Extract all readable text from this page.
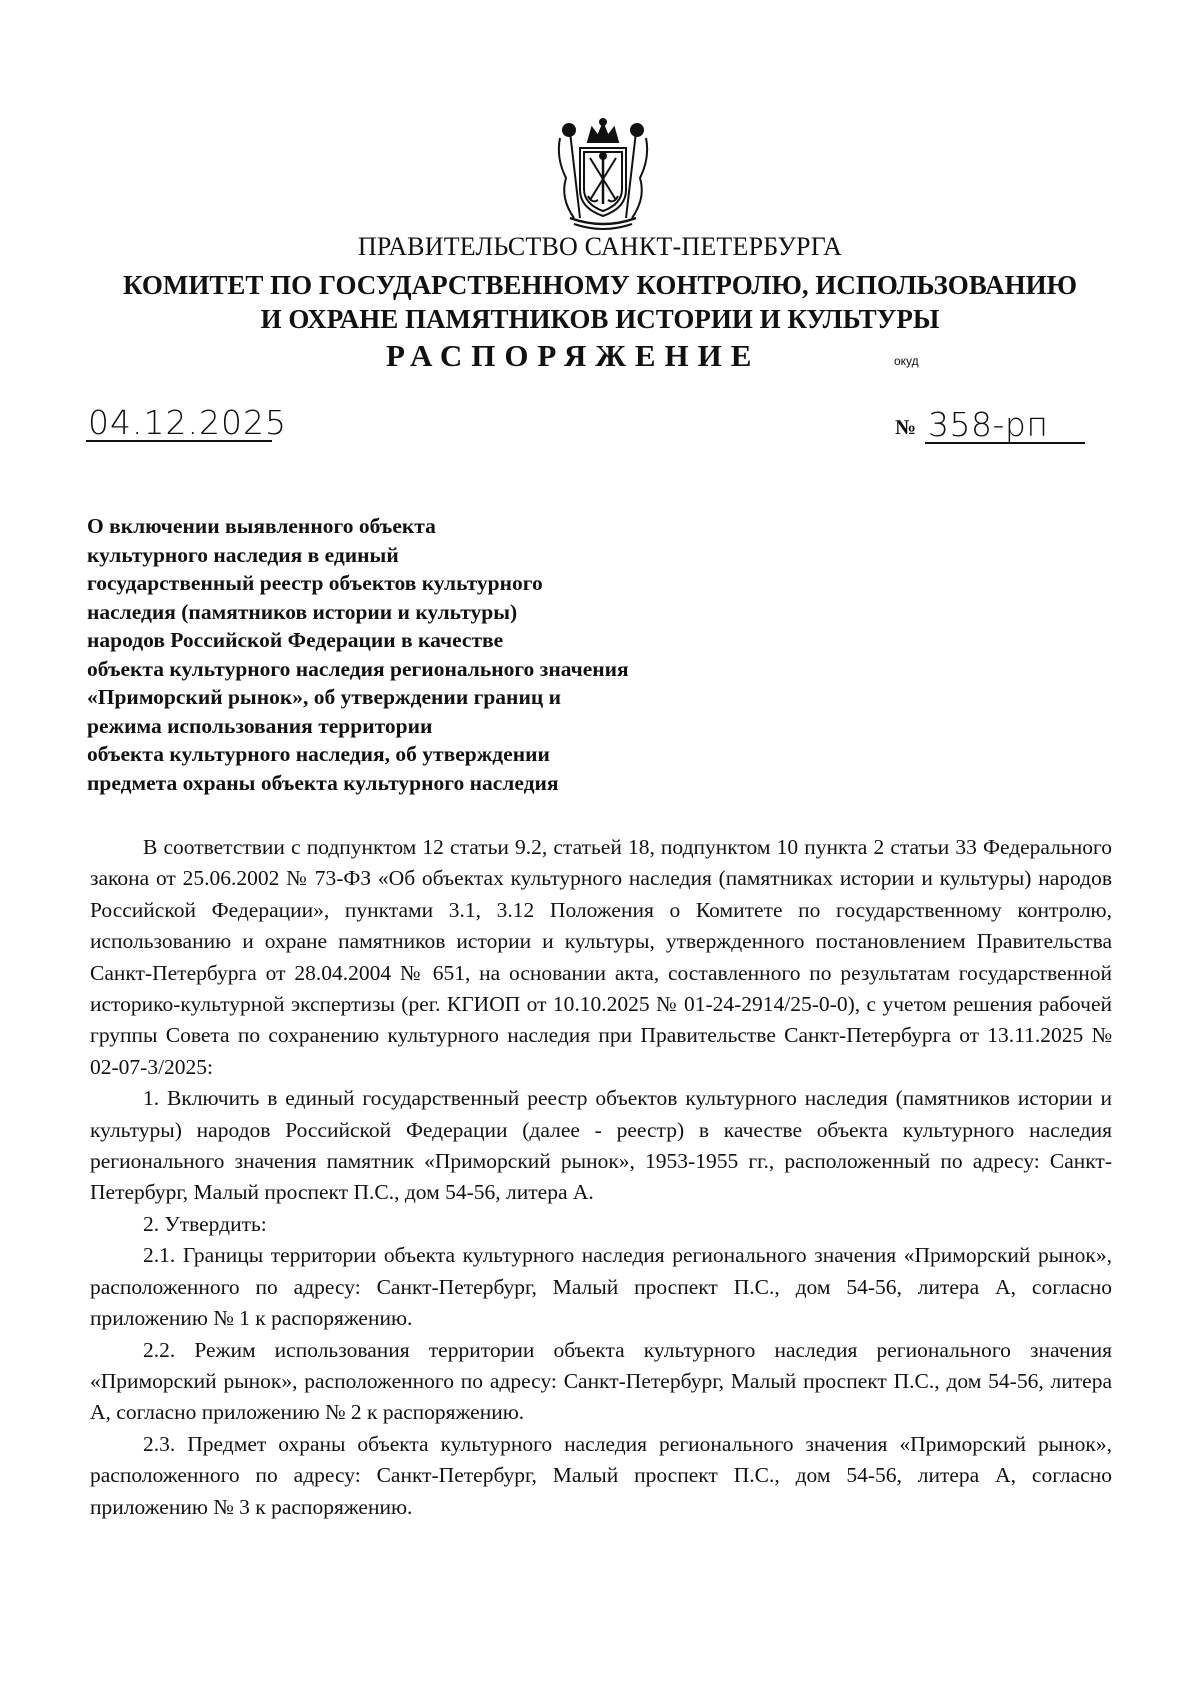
ПРАВИТЕЛЬСТВО САНКТ-ПЕТЕРБУРГА
КОМИТЕТ ПО ГОСУДАРСТВЕННОМУ КОНТРОЛЮ, ИСПОЛЬЗОВАНИЮ
И ОХРАНЕ ПАМЯТНИКОВ ИСТОРИИ И КУЛЬТУРЫ
РАСПОРЯЖЕНИЕ	окуд
04.12.2025	№ 358-рп
О включении выявленного объекта
культурного наследия в единый
государственный реестр объектов культурного
наследия (памятников истории и культуры)
народов Российской Федерации в качестве
объекта культурного наследия регионального значения
«Приморский рынок», об утверждении границ и
режима использования территории
объекта культурного наследия, об утверждении
предмета охраны объекта культурного наследия

В соответствии с подпунктом 12 статьи 9.2, статьей 18, подпунктом 10 пункта 2 статьи 33 Федерального закона от 25.06.2002 № 73-ФЗ «Об объектах культурного наследия (памятниках истории и культуры) народов Российской Федерации», пунктами 3.1, 3.12 Положения о Комитете по государственному контролю, использованию и охране памятников истории и культуры, утвержденного постановлением Правительства Санкт-Петербурга от 28.04.2004 № 651, на основании акта, составленного по результатам государственной историко-культурной экспертизы (рег. КГИОП от 10.10.2025 № 01-24-2914/25-0-0), с учетом решения рабочей группы Совета по сохранению культурного наследия при Правительстве Санкт-Петербурга от 13.11.2025 № 02-07-3/2025:

1. Включить в единый государственный реестр объектов культурного наследия (памятников истории и культуры) народов Российской Федерации (далее - реестр) в качестве объекта культурного наследия регионального значения памятник «Приморский рынок», 1953-1955 гг., расположенный по адресу: Санкт-Петербург, Малый проспект П.С., дом 54-56, литера А.

2. Утвердить:

2.1. Границы территории объекта культурного наследия регионального значения «Приморский рынок», расположенного по адресу: Санкт-Петербург, Малый проспект П.С., дом 54-56, литера А, согласно приложению № 1 к распоряжению.

2.2. Режим использования территории объекта культурного наследия регионального значения «Приморский рынок», расположенного по адресу: Санкт-Петербург, Малый проспект П.С., дом 54-56, литера А, согласно приложению № 2 к распоряжению.

2.3. Предмет охраны объекта культурного наследия регионального значения «Приморский рынок», расположенного по адресу: Санкт-Петербург, Малый проспект П.С., дом 54-56, литера А, согласно приложению № 3 к распоряжению.
